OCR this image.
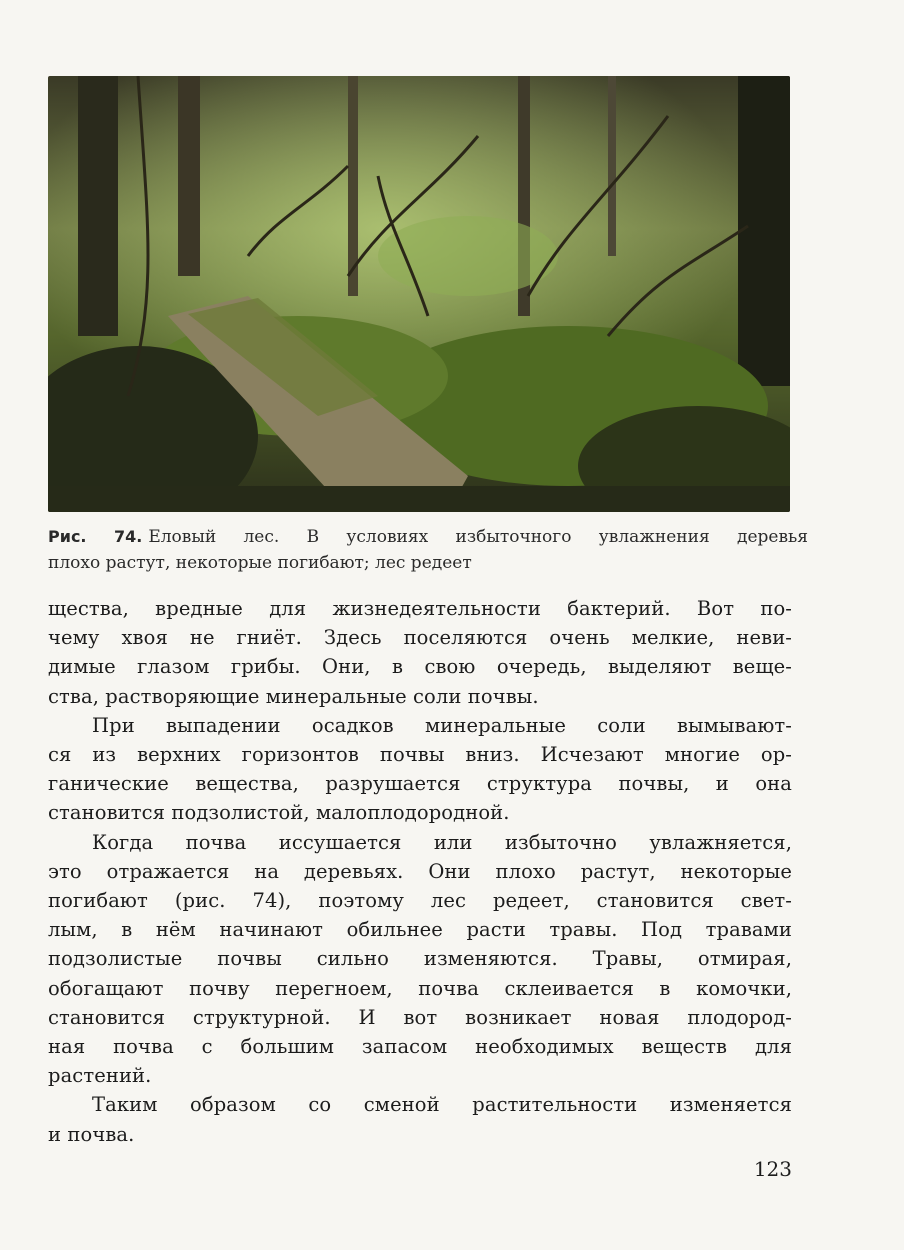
Рис. 74. Еловый лес. В условиях избыточного увлажнения деревья
плохо растут, некоторые погибают; лес редеет
щества, вредные для жизнедеятельности бактерий. Вот по-
чему хвоя не гниёт. Здесь поселяются очень мелкие, неви-
димые глазом грибы. Они, в свою очередь, выделяют веще-
ства, растворяющие минеральные соли почвы.
При выпадении осадков минеральные соли вымывают-
ся из верхних горизонтов почвы вниз. Исчезают многие ор-
ганические вещества, разрушается структура почвы, и она
становится подзолистой, малоплодородной.
Когда почва иссушается или избыточно увлажняется,
это отражается на деревьях. Они плохо растут, некоторые
погибают (рис. 74), поэтому лес редеет, становится свет-
лым, в нём начинают обильнее расти травы. Под травами
подзолистые почвы сильно изменяются. Травы, отмирая,
обогащают почву перегноем, почва склеивается в комочки,
становится структурной. И вот возникает новая плодород-
ная почва с большим запасом необходимых веществ для
растений.
Таким образом со сменой растительности изменяется
и почва.
123
